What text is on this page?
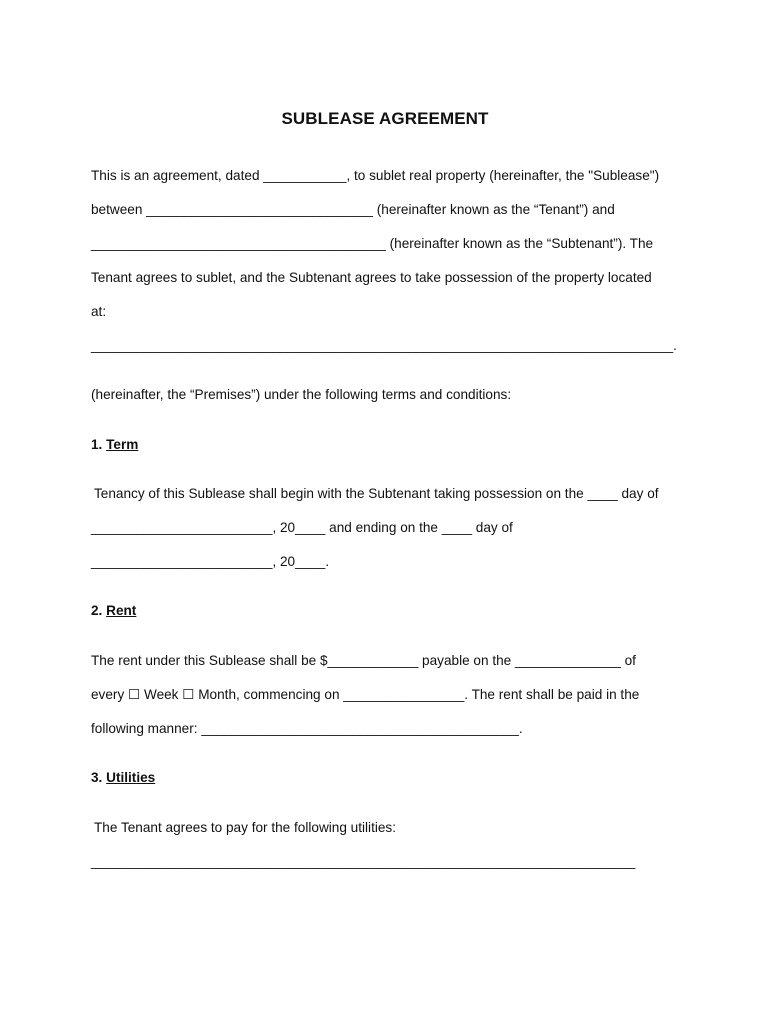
SUBLEASE AGREEMENT
This is an agreement, dated ___________, to sublet real property (hereinafter, the "Sublease")
between ______________________________ (hereinafter known as the “Tenant”) and
_______________________________________ (hereinafter known as the “Subtenant”). The
Tenant agrees to sublet, and the Subtenant agrees to take possession of the property located
at:
_____________________________________________________________________________.
(hereinafter, the “Premises”) under the following terms and conditions:
1. Term
Tenancy of this Sublease shall begin with the Subtenant taking possession on the ____ day of
________________________, 20____ and ending on the ____ day of
________________________, 20____.
2. Rent
The rent under this Sublease shall be $____________ payable on the ______________ of
every ☐ Week ☐ Month, commencing on ________________. The rent shall be paid in the
following manner: __________________________________________.
3. Utilities
The Tenant agrees to pay for the following utilities:
________________________________________________________________________
